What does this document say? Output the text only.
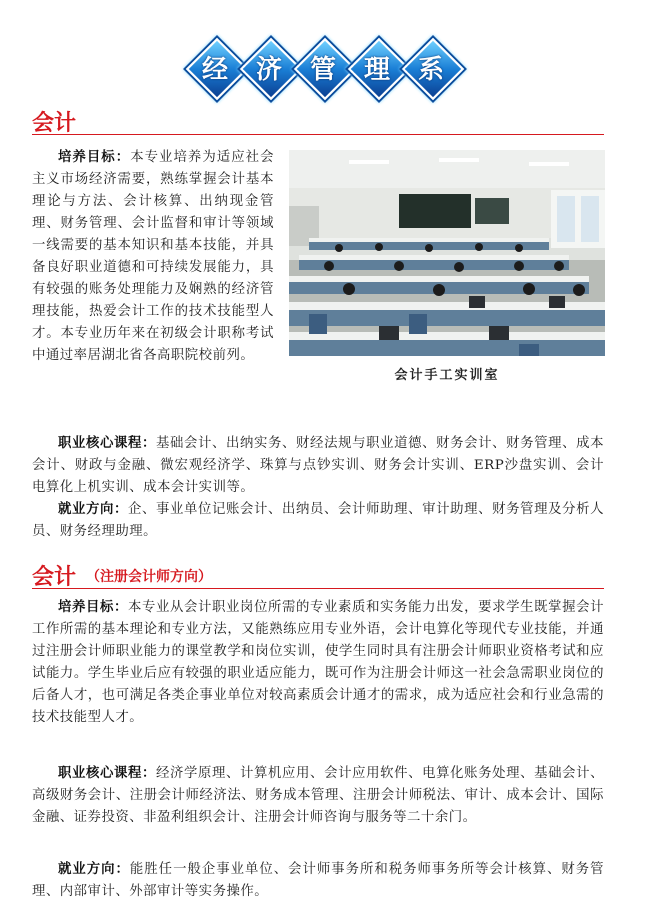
经 济 管 理 系
会计
培养目标：本专业培养为适应社会主义市场经济需要，熟练掌握会计基本理论与方法、会计核算、出纳现金管理、财务管理、会计监督和审计等领域一线需要的基本知识和基本技能，并具备良好职业道德和可持续发展能力，具有较强的账务处理能力及娴熟的经济管理技能，热爱会计工作的技术技能型人才。本专业历年来在初级会计职称考试中通过率居湖北省各高职院校前列。
会计手工实训室
职业核心课程：基础会计、出纳实务、财经法规与职业道德、财务会计、财务管理、成本会计、财政与金融、微宏观经济学、珠算与点钞实训、财务会计实训、ERP沙盘实训、会计电算化上机实训、成本会计实训等。
就业方向：企、事业单位记账会计、出纳员、会计师助理、审计助理、财务管理及分析人员、财务经理助理。
会计 （注册会计师方向）
培养目标：本专业从会计职业岗位所需的专业素质和实务能力出发，要求学生既掌握会计工作所需的基本理论和专业方法，又能熟练应用专业外语，会计电算化等现代专业技能，并通过注册会计师职业能力的课堂教学和岗位实训，使学生同时具有注册会计师职业资格考试和应试能力。学生毕业后应有较强的职业适应能力，既可作为注册会计师这一社会急需职业岗位的后备人才，也可满足各类企事业单位对较高素质会计通才的需求，成为适应社会和行业急需的技术技能型人才。
职业核心课程：经济学原理、计算机应用、会计应用软件、电算化账务处理、基础会计、高级财务会计、注册会计师经济法、财务成本管理、注册会计师税法、审计、成本会计、国际金融、证券投资、非盈利组织会计、注册会计师咨询与服务等二十余门。
就业方向：能胜任一般企事业单位、会计师事务所和税务师事务所等会计核算、财务管理、内部审计、外部审计等实务操作。
